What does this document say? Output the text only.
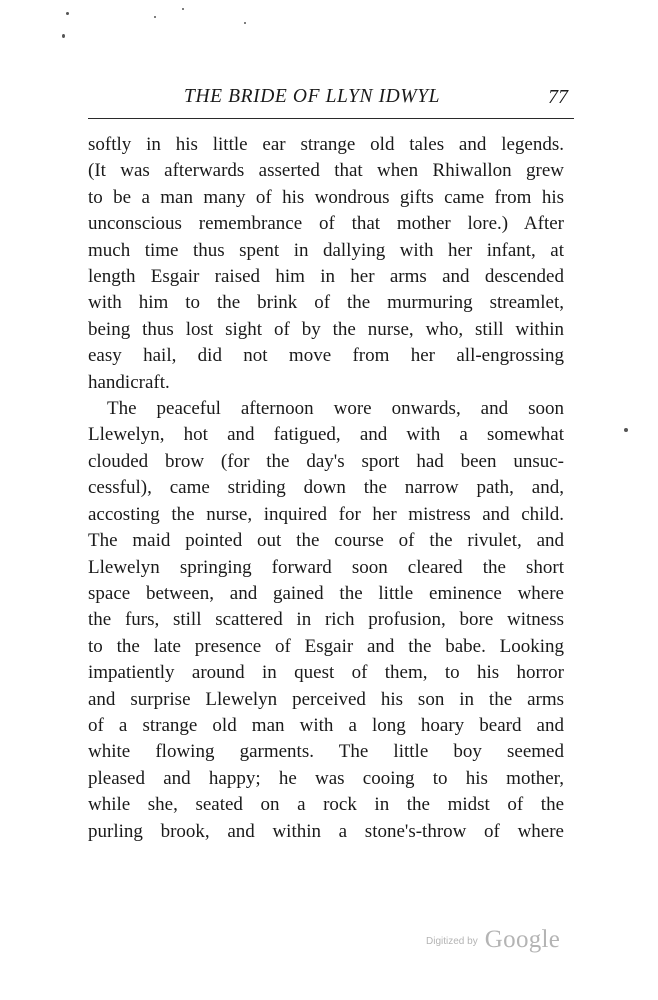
THE BRIDE OF LLYN IDWYL	77
softly in his little ear strange old tales and legends.
(It was afterwards asserted that when Rhiwallon grew
to be a man many of his wondrous gifts came from his
unconscious remembrance of that mother lore.) After
much time thus spent in dallying with her infant, at
length Esgair raised him in her arms and descended
with him to the brink of the murmuring streamlet,
being thus lost sight of by the nurse, who, still within
easy hail, did not move from her all-engrossing
handicraft.
The peaceful afternoon wore onwards, and soon
Llewelyn, hot and fatigued, and with a somewhat
clouded brow (for the day's sport had been unsuc-
cessful), came striding down the narrow path, and,
accosting the nurse, inquired for her mistress and child.
The maid pointed out the course of the rivulet, and
Llewelyn springing forward soon cleared the short
space between, and gained the little eminence where
the furs, still scattered in rich profusion, bore witness
to the late presence of Esgair and the babe. Looking
impatiently around in quest of them, to his horror
and surprise Llewelyn perceived his son in the arms
of a strange old man with a long hoary beard and
white flowing garments. The little boy seemed
pleased and happy; he was cooing to his mother,
while she, seated on a rock in the midst of the
purling brook, and within a stone's-throw of where
Digitized by Google
